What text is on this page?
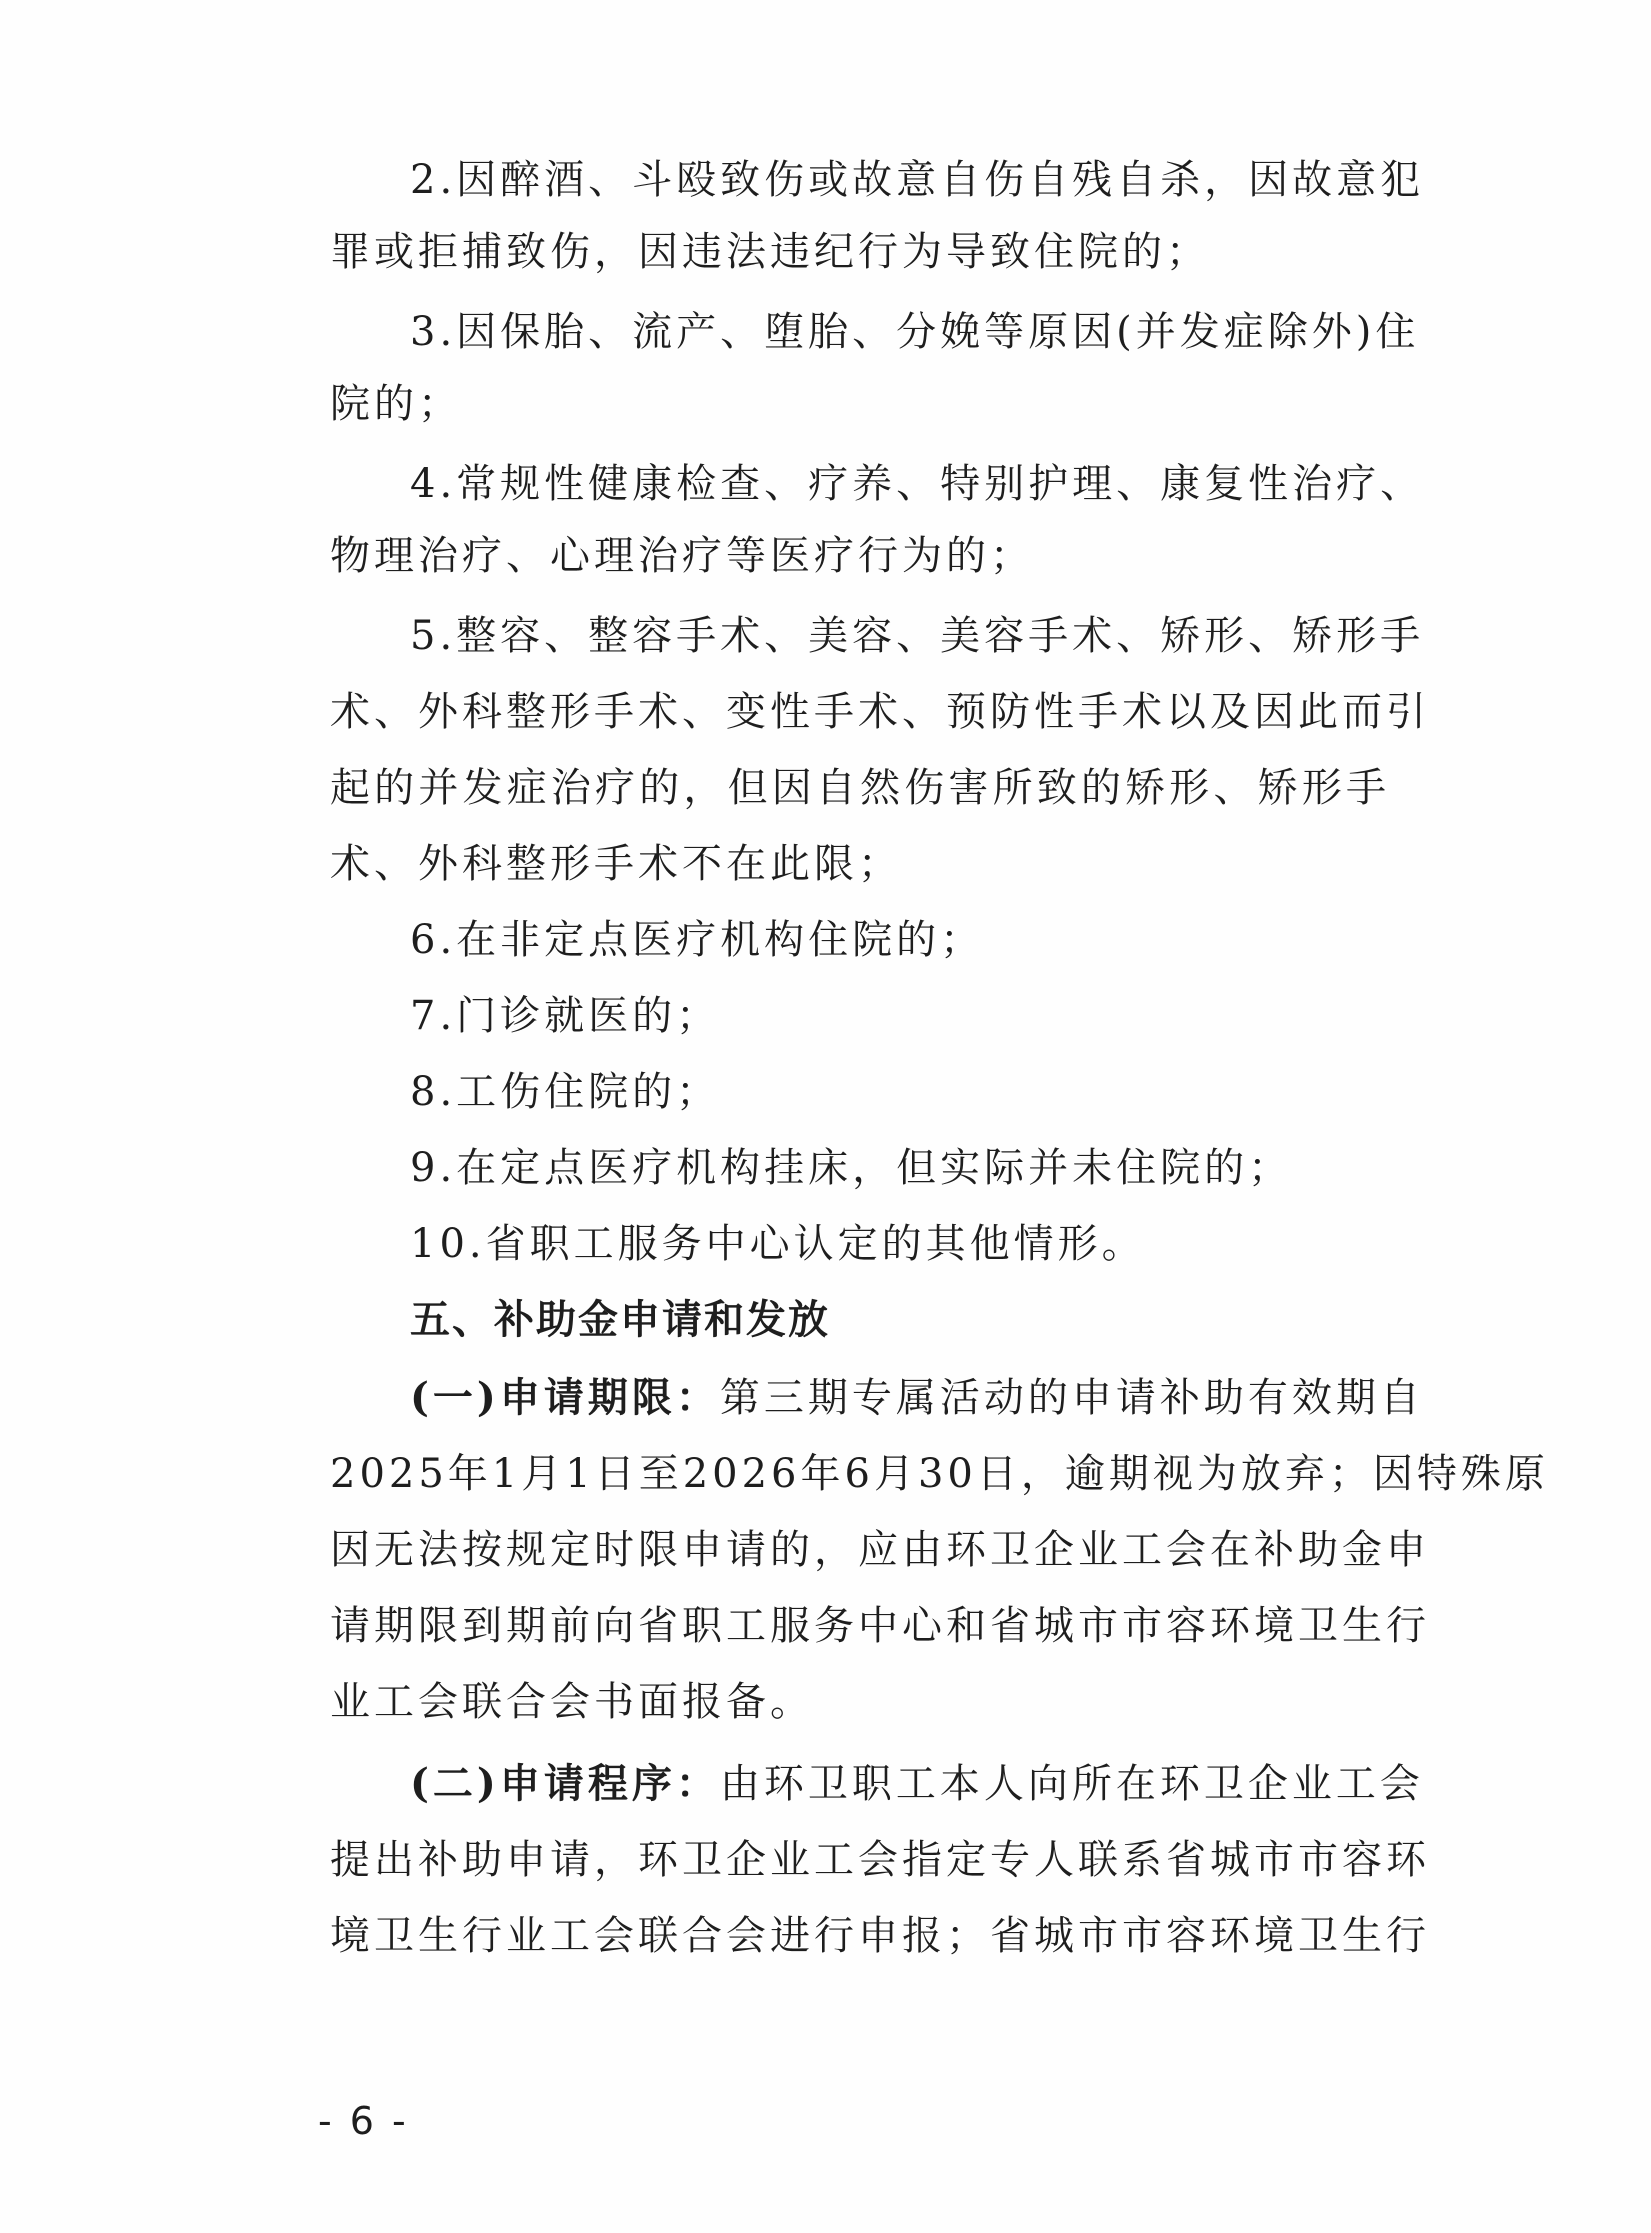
2.因醉酒、斗殴致伤或故意自伤自残自杀，因故意犯
罪或拒捕致伤，因违法违纪行为导致住院的；
3.因保胎、流产、堕胎、分娩等原因(并发症除外)住
院的；
4.常规性健康检查、疗养、特别护理、康复性治疗、
物理治疗、心理治疗等医疗行为的；
5.整容、整容手术、美容、美容手术、矫形、矫形手
术、外科整形手术、变性手术、预防性手术以及因此而引
起的并发症治疗的，但因自然伤害所致的矫形、矫形手
术、外科整形手术不在此限；
6.在非定点医疗机构住院的；
7.门诊就医的；
8.工伤住院的；
9.在定点医疗机构挂床，但实际并未住院的；
10.省职工服务中心认定的其他情形。
五、补助金申请和发放
(一)申请期限： 第三期专属活动的申请补助有效期自
2025年1月1日至2026年6月30日，逾期视为放弃；因特殊原
因无法按规定时限申请的，应由环卫企业工会在补助金申
请期限到期前向省职工服务中心和省城市市容环境卫生行
业工会联合会书面报备。
(二)申请程序： 由环卫职工本人向所在环卫企业工会
提出补助申请，环卫企业工会指定专人联系省城市市容环
境卫生行业工会联合会进行申报；省城市市容环境卫生行
- 6 -
